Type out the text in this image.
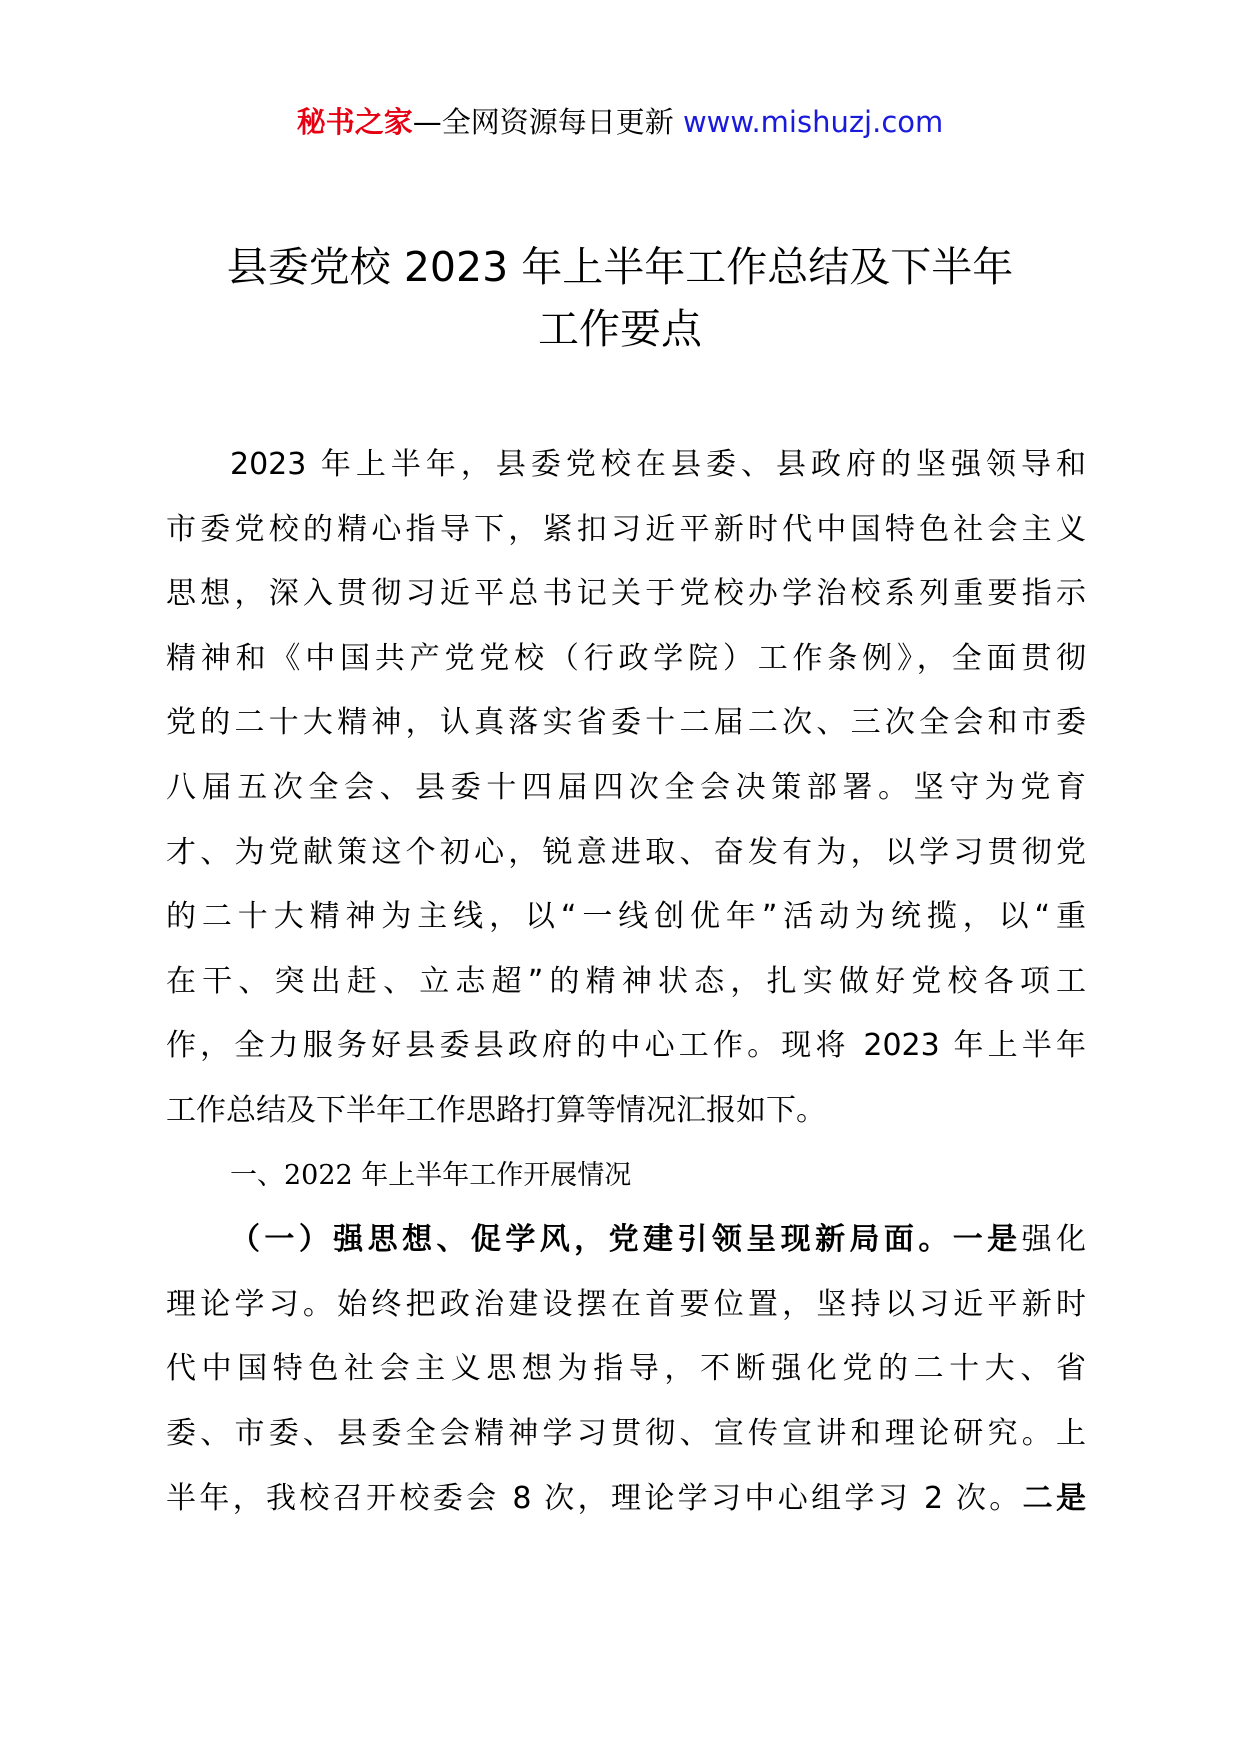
秘书之家—全网资源每日更新 www.mishuzj.com
县委党校 2023 年上半年工作总结及下半年
工作要点
2023 年上半年，县委党校在县委、县政府的坚强领导和
市委党校的精心指导下，紧扣习近平新时代中国特色社会主义
思想，深入贯彻习近平总书记关于党校办学治校系列重要指示
精神和《中国共产党党校（行政学院）工作条例》，全面贯彻
党的二十大精神，认真落实省委十二届二次、三次全会和市委
八届五次全会、县委十四届四次全会决策部署。坚守为党育
才、为党献策这个初心，锐意进取、奋发有为，以学习贯彻党
的二十大精神为主线，以“一线创优年”活动为统揽，以“重
在干、突出赶、立志超”的精神状态，扎实做好党校各项工
作，全力服务好县委县政府的中心工作。现将 2023 年上半年
工作总结及下半年工作思路打算等情况汇报如下。
一、2022 年上半年工作开展情况
（一）强思想、促学风，党建引领呈现新局面。一是强化
理论学习。始终把政治建设摆在首要位置，坚持以习近平新时
代中国特色社会主义思想为指导，不断强化党的二十大、省
委、市委、县委全会精神学习贯彻、宣传宣讲和理论研究。上
半年，我校召开校委会 8 次，理论学习中心组学习 2 次。二是
